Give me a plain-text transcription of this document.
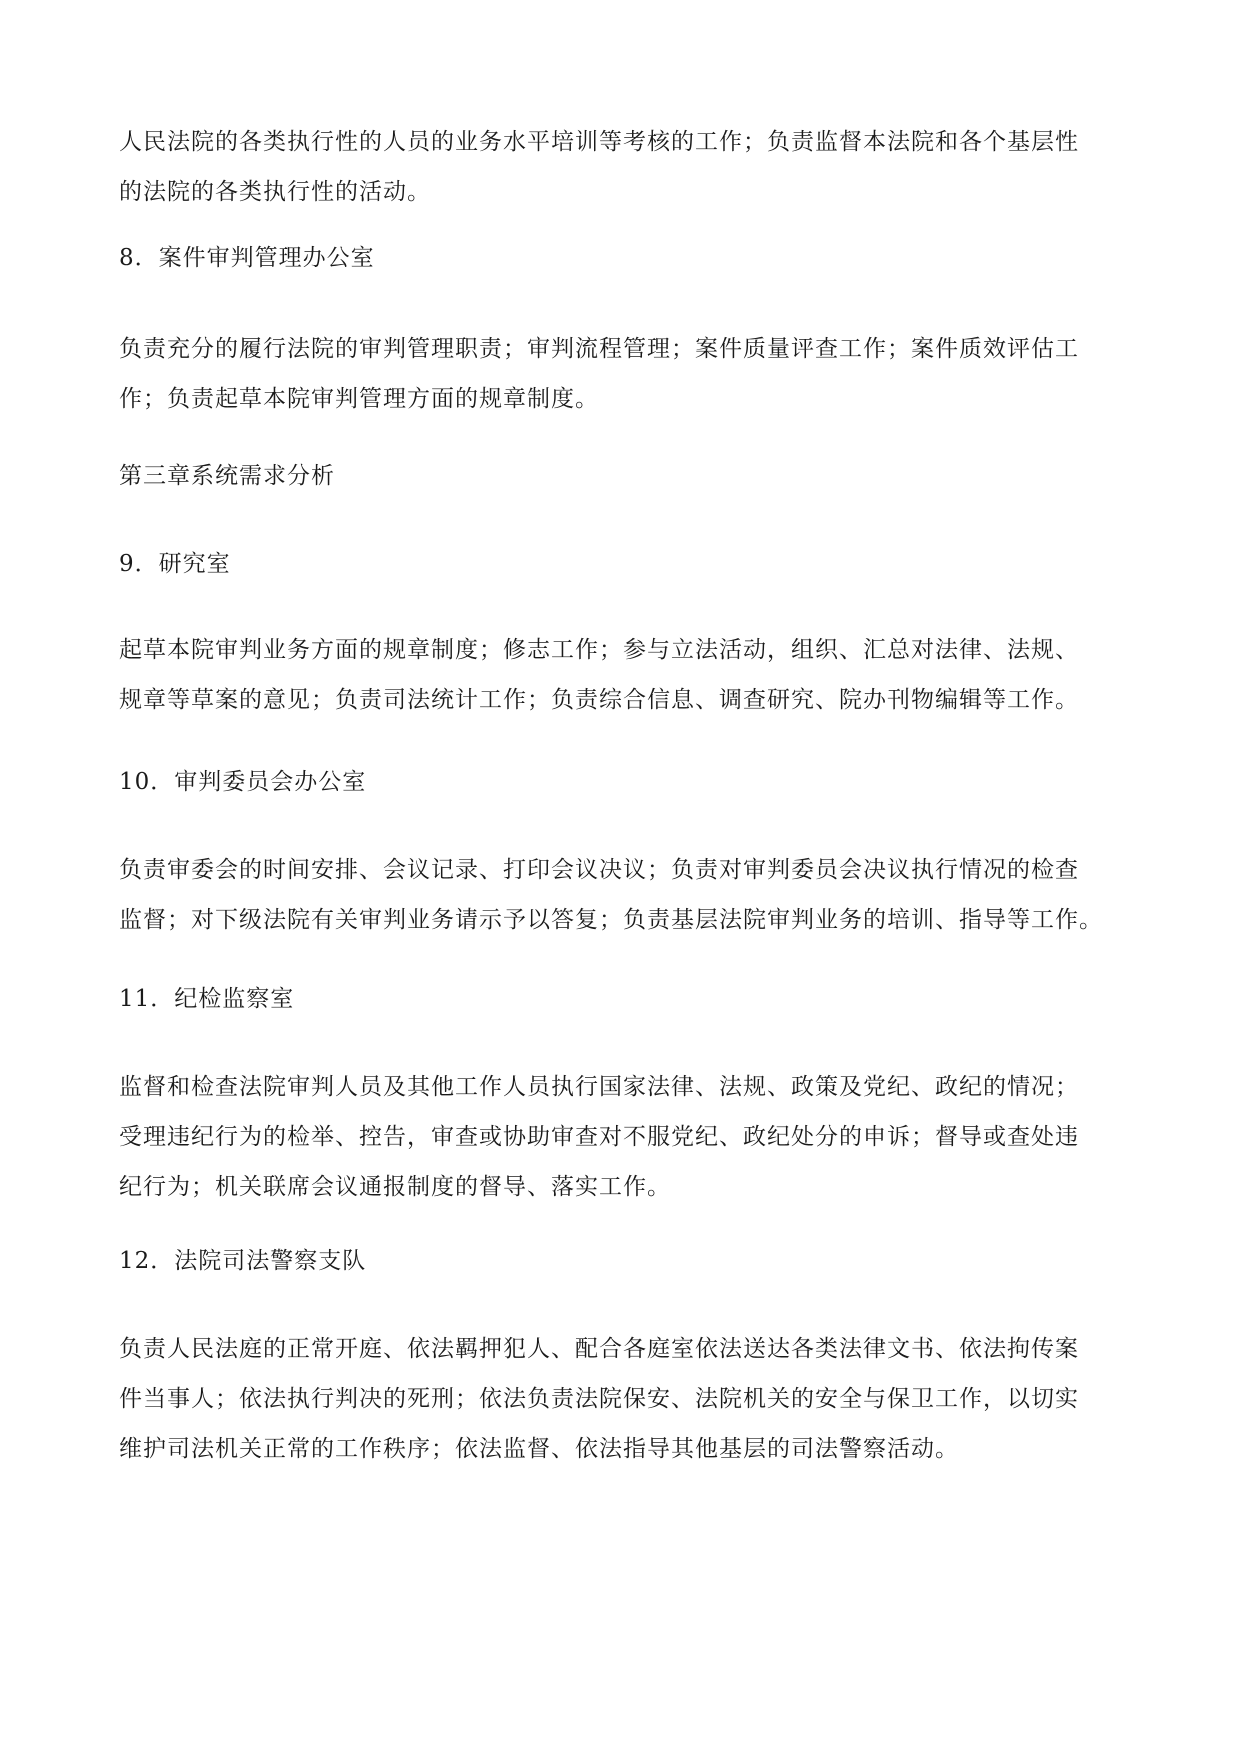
人民法院的各类执行性的人员的业务水平培训等考核的工作；负责监督本法院和各个基层性
的法院的各类执行性的活动。
8．案件审判管理办公室
负责充分的履行法院的审判管理职责；审判流程管理；案件质量评查工作；案件质效评估工
作；负责起草本院审判管理方面的规章制度。
第三章系统需求分析
9．研究室
起草本院审判业务方面的规章制度；修志工作；参与立法活动，组织、汇总对法律、法规、
规章等草案的意见；负责司法统计工作；负责综合信息、调查研究、院办刊物编辑等工作。
10．审判委员会办公室
负责审委会的时间安排、会议记录、打印会议决议；负责对审判委员会决议执行情况的检查
监督；对下级法院有关审判业务请示予以答复；负责基层法院审判业务的培训、指导等工作。
11．纪检监察室
监督和检查法院审判人员及其他工作人员执行国家法律、法规、政策及党纪、政纪的情况；
受理违纪行为的检举、控告，审查或协助审查对不服党纪、政纪处分的申诉；督导或查处违
纪行为；机关联席会议通报制度的督导、落实工作。
12．法院司法警察支队
负责人民法庭的正常开庭、依法羁押犯人、配合各庭室依法送达各类法律文书、依法拘传案
件当事人；依法执行判决的死刑；依法负责法院保安、法院机关的安全与保卫工作，以切实
维护司法机关正常的工作秩序；依法监督、依法指导其他基层的司法警察活动。
